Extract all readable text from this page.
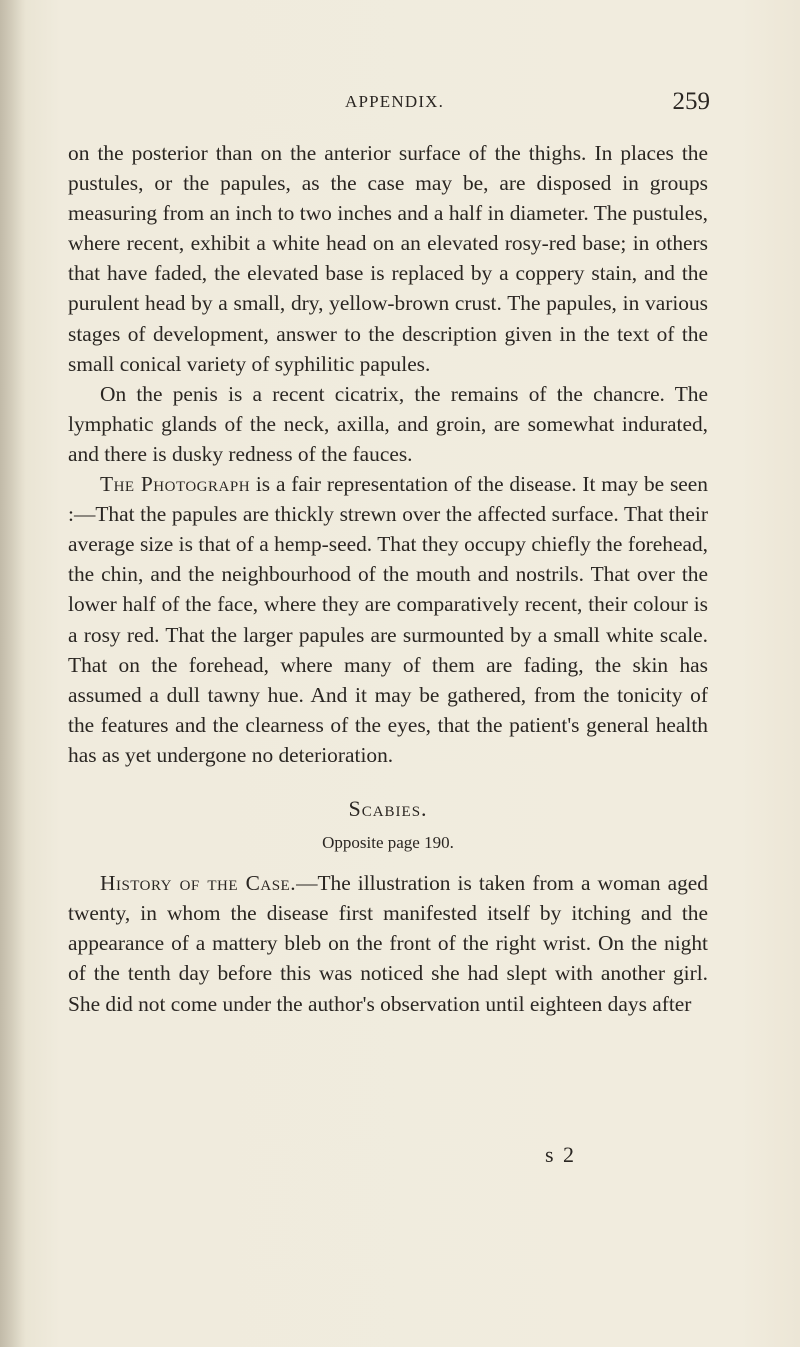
APPENDIX.	259

on the posterior than on the anterior surface of the thighs. In places the pustules, or the papules, as the case may be, are disposed in groups measuring from an inch to two inches and a half in diameter. The pustules, where recent, exhibit a white head on an elevated rosy-red base; in others that have faded, the elevated base is replaced by a coppery stain, and the purulent head by a small, dry, yellow-brown crust. The papules, in various stages of development, answer to the description given in the text of the small conical variety of syphilitic papules.

On the penis is a recent cicatrix, the remains of the chancre. The lymphatic glands of the neck, axilla, and groin, are somewhat indurated, and there is dusky redness of the fauces.

The Photograph is a fair representation of the disease. It may be seen :—That the papules are thickly strewn over the affected surface. That their average size is that of a hemp-seed. That they occupy chiefly the forehead, the chin, and the neighbourhood of the mouth and nostrils. That over the lower half of the face, where they are comparatively recent, their colour is a rosy red. That the larger papules are surmounted by a small white scale. That on the forehead, where many of them are fading, the skin has assumed a dull tawny hue. And it may be gathered, from the tonicity of the features and the clearness of the eyes, that the patient's general health has as yet undergone no deterioration.

Scabies.
Opposite page 190.

History of the Case.—The illustration is taken from a woman aged twenty, in whom the disease first manifested itself by itching and the appearance of a mattery bleb on the front of the right wrist. On the night of the tenth day before this was noticed she had slept with another girl. She did not come under the author's observation until eighteen days after

s 2
